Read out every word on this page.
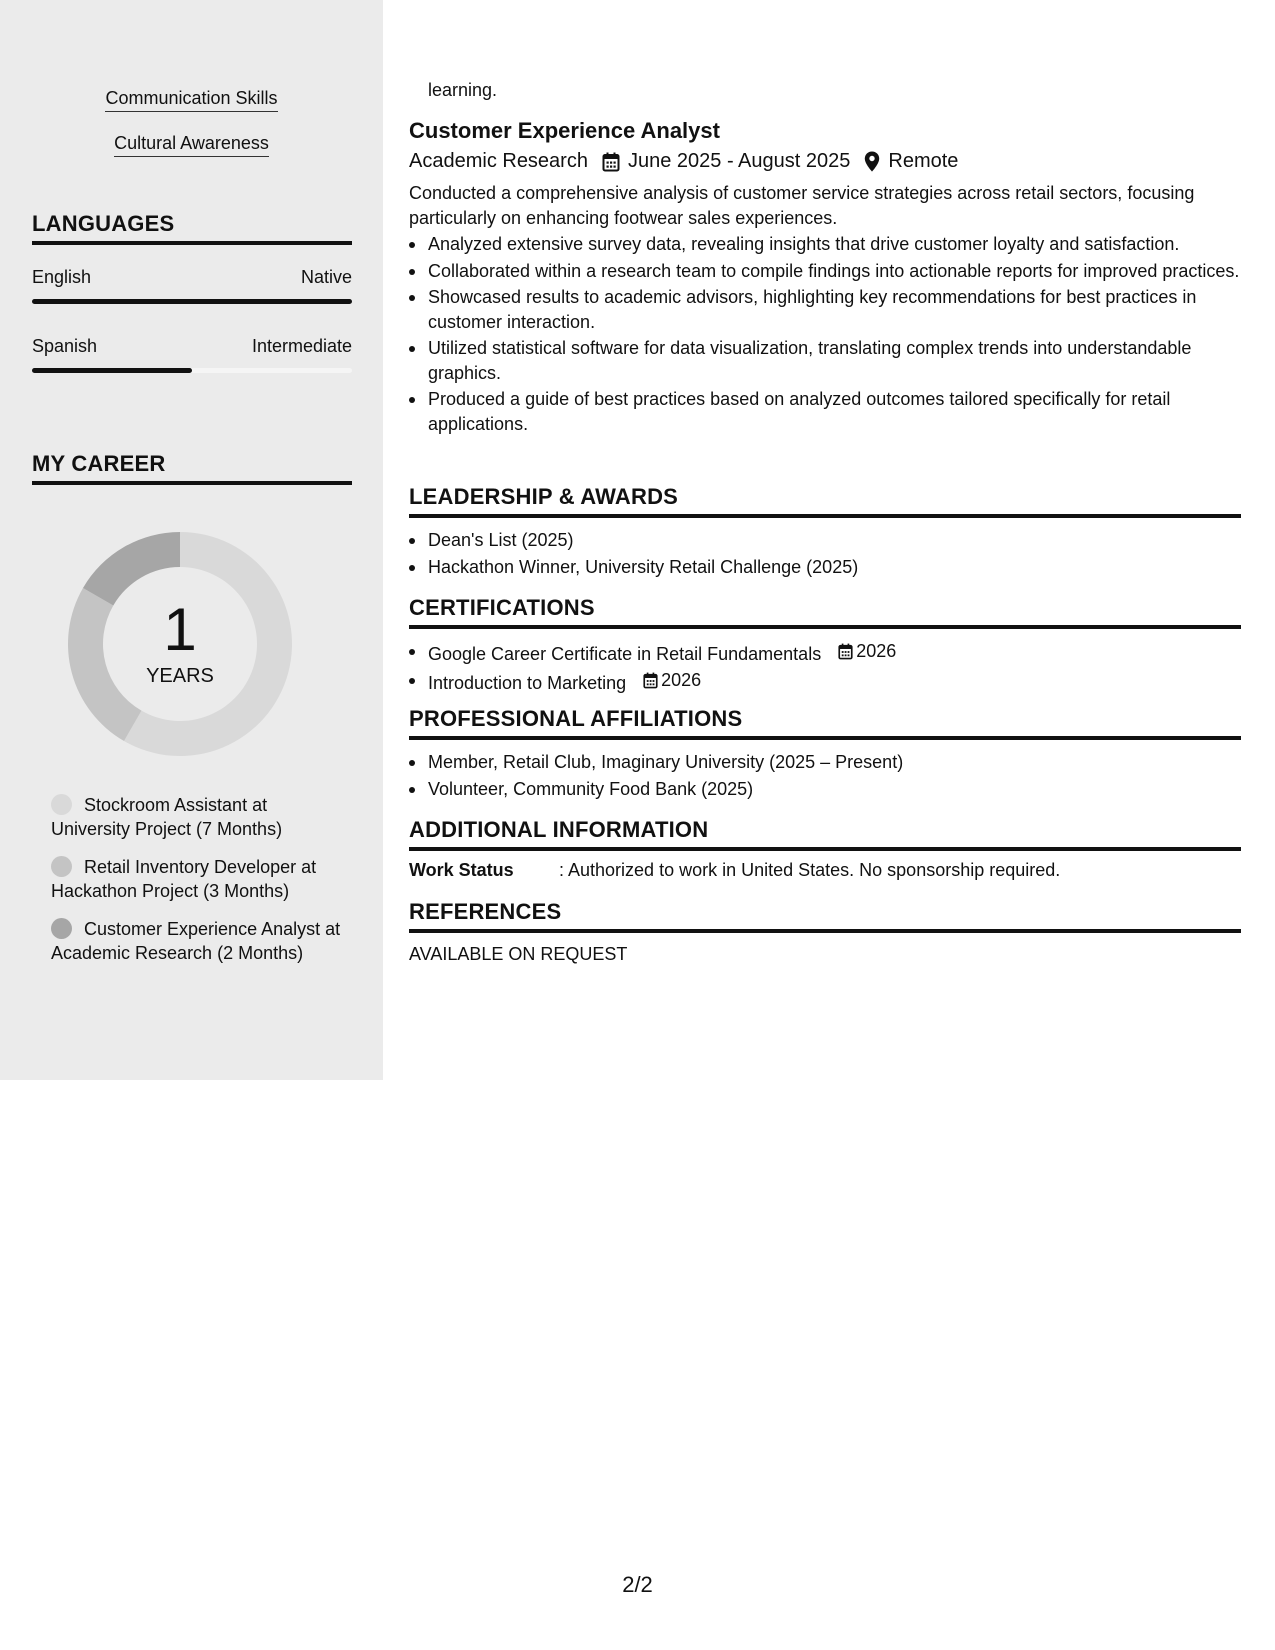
Communication Skills
Cultural Awareness
LANGUAGES
English	Native
Spanish	Intermediate
MY CAREER
1
YEARS
Stockroom Assistant at University Project (7 Months)
Retail Inventory Developer at Hackathon Project (3 Months)
Customer Experience Analyst at Academic Research (2 Months)
learning.
Customer Experience Analyst
Academic Research June 2025 - August 2025 Remote
Conducted a comprehensive analysis of customer service strategies across retail sectors, focusing particularly on enhancing footwear sales experiences.
Analyzed extensive survey data, revealing insights that drive customer loyalty and satisfaction.
Collaborated within a research team to compile findings into actionable reports for improved practices.
Showcased results to academic advisors, highlighting key recommendations for best practices in customer interaction.
Utilized statistical software for data visualization, translating complex trends into understandable graphics.
Produced a guide of best practices based on analyzed outcomes tailored specifically for retail applications.
LEADERSHIP & AWARDS
Dean's List (2025)
Hackathon Winner, University Retail Challenge (2025)
CERTIFICATIONS
Google Career Certificate in Retail Fundamentals 2026
Introduction to Marketing 2026
PROFESSIONAL AFFILIATIONS
Member, Retail Club, Imaginary University (2025 – Present)
Volunteer, Community Food Bank (2025)
ADDITIONAL INFORMATION
Work Status	: Authorized to work in United States. No sponsorship required.
REFERENCES
AVAILABLE ON REQUEST
2/2
